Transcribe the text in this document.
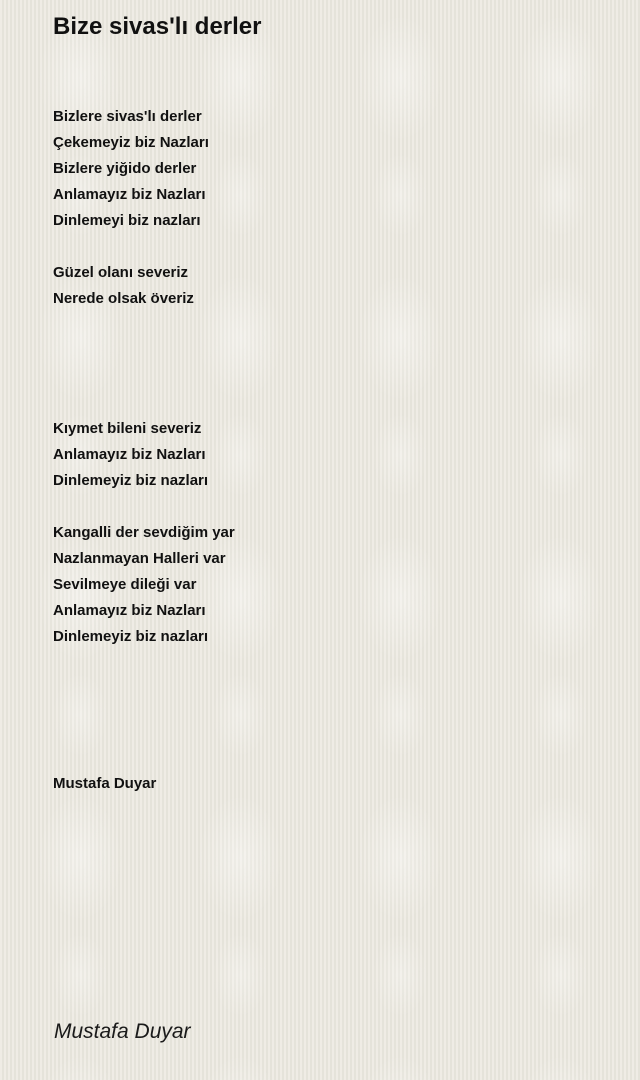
Bize sivas'lı derler
Bizlere sivas'lı derler
Çekemeyiz biz Nazları
Bizlere yiğido derler
Anlamayız biz Nazları
Dinlemeyi biz nazları
Güzel olanı severiz
Nerede olsak överiz
Kıymet bileni severiz
Anlamayız biz Nazları
Dinlemeyiz biz nazları
Kangalli der sevdiğim yar
Nazlanmayan Halleri var
Sevilmeye dileği var
Anlamayız biz Nazları
Dinlemeyiz biz nazları
Mustafa Duyar
Mustafa Duyar
